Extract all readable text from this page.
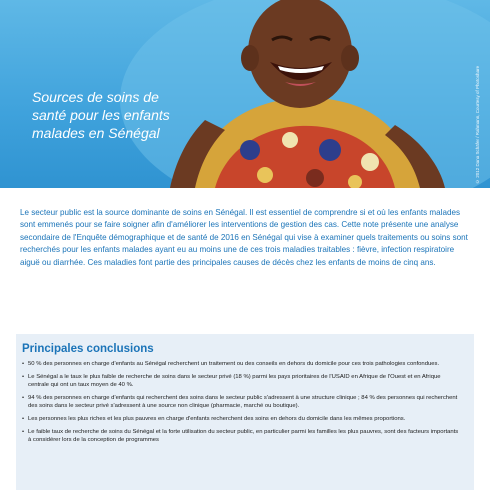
Sources de soins de santé pour les enfants malades en Sénégal	© 2012 Dana Schäfer / Rahmann, Courtesy of Photoshare

Le secteur public est la source dominante de soins en Sénégal. Il est essentiel de comprendre si et où les enfants malades sont emmenés pour se faire soigner afin d'améliorer les interventions de gestion des cas. Cette note présente une analyse secondaire de l'Enquête démographique et de santé de 2016 en Sénégal qui vise à examiner quels traitements ou soins sont recherchés pour les enfants malades ayant eu au moins une de ces trois maladies traitables : fièvre, infection respiratoire aiguë ou diarrhée. Ces maladies font partie des principales causes de décès chez les enfants de moins de cinq ans.

Principales conclusions
• 50 % des personnes en charge d'enfants au Sénégal recherchent un traitement ou des conseils en dehors du domicile pour ces trois pathologies confondues.
• Le Sénégal a le taux le plus faible de recherche de soins dans le secteur privé (18 %) parmi les pays prioritaires de l'USAID en Afrique de l'Ouest et en Afrique centrale qui ont un taux moyen de 40 %.
• 94 % des personnes en charge d'enfants qui recherchent des soins dans le secteur public s'adressent à une structure clinique ; 84 % des personnes qui recherchent des soins dans le secteur privé s'adressent à une source non clinique (pharmacie, marché ou boutique).
• Les personnes les plus riches et les plus pauvres en charge d'enfants recherchent des soins en dehors du domicile dans les mêmes proportions.
• Le faible taux de recherche de soins du Sénégal et la forte utilisation du secteur public, en particulier parmi les familles les plus pauvres, sont des facteurs importants à considérer lors de la conception de programmes
